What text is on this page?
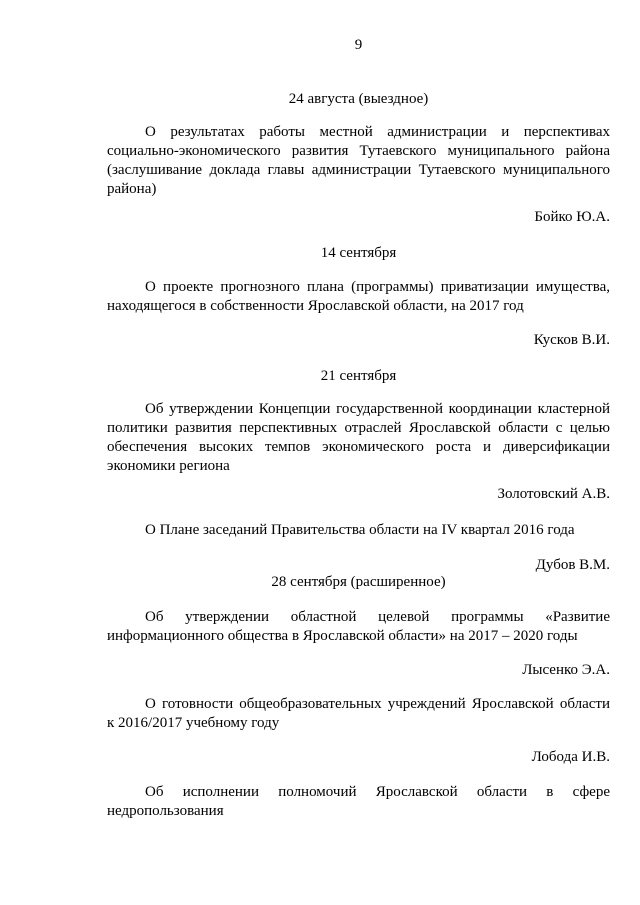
9
24 августа (выездное)
О результатах работы местной администрации и перспективах
социально-экономического развития Тутаевского муниципального района
(заслушивание доклада главы администрации Тутаевского муниципального
района)
Бойко Ю.А.
14 сентября
О проекте прогнозного плана (программы) приватизации имущества,
находящегося в собственности Ярославской области, на 2017 год
Кусков В.И.
21 сентября
Об утверждении Концепции государственной координации кластерной
политики развития перспективных отраслей Ярославской области с целью
обеспечения высоких темпов экономического роста и диверсификации
экономики региона
Золотовский А.В.
О Плане заседаний Правительства области на IV квартал 2016 года
Дубов В.М.
28 сентября (расширенное)
Об утверждении областной целевой программы «Развитие
информационного общества в Ярославской области» на 2017 – 2020 годы
Лысенко Э.А.
О готовности общеобразовательных учреждений Ярославской области
к 2016/2017 учебному году
Лобода И.В.
Об исполнении полномочий Ярославской области в сфере
недропользования
